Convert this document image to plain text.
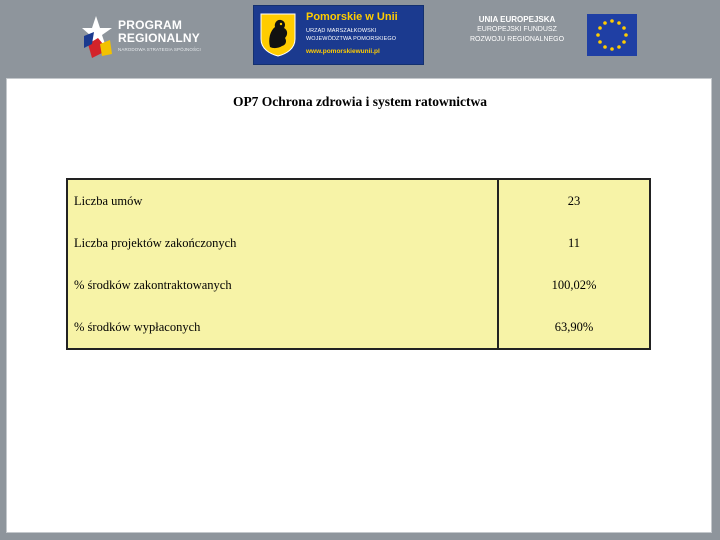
PROGRAM
REGIONALNY
NARODOWA STRATEGIA SPÓJNOŚCI
Pomorskie w Unii
URZĄD MARSZAŁKOWSKI
WOJEWÓDZTWA POMORSKIEGO
www.pomorskiewunii.pl
UNIA EUROPEJSKA
EUROPEJSKI FUNDUSZ
ROZWOJU REGIONALNEGO
OP7 Ochrona zdrowia i system ratownictwa
Liczba umów	23
Liczba projektów zakończonych	11
% środków zakontraktowanych	100,02%
% środków wypłaconych	63,90%
